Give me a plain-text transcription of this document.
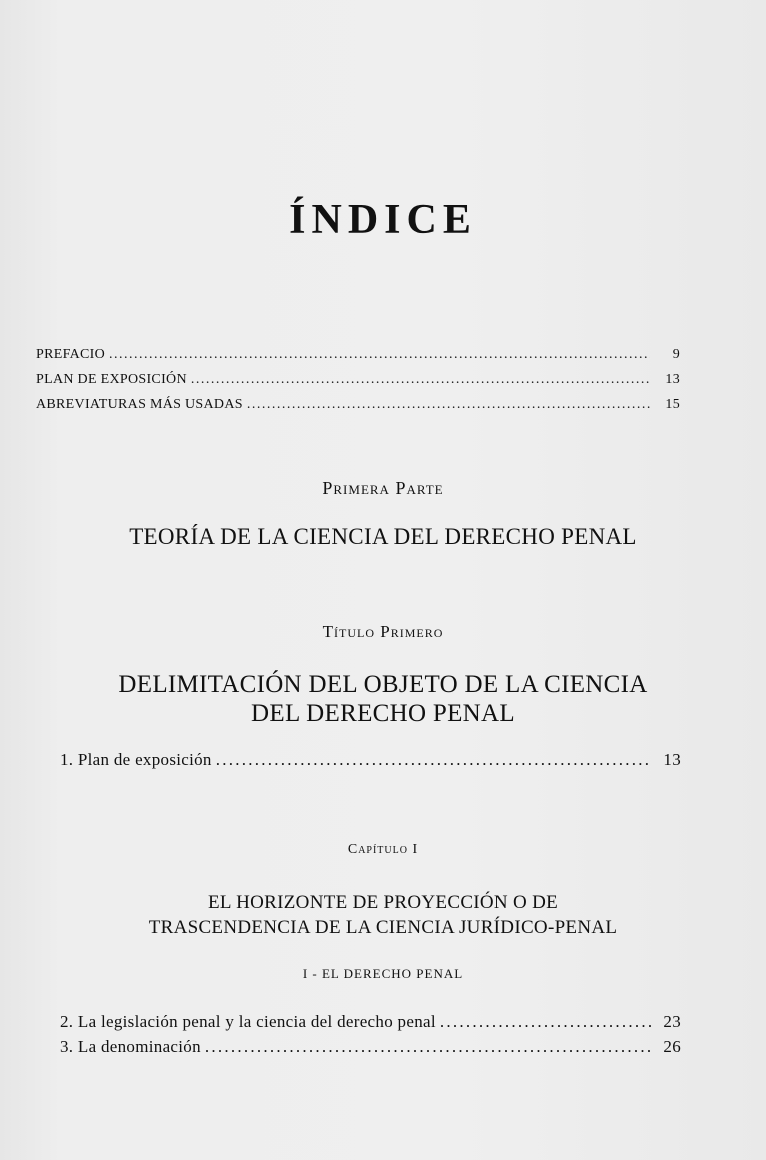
ÍNDICE
PREFACIO . . .	9
PLAN DE EXPOSICIÓN . . .	13
ABREVIATURAS MÁS USADAS . . .	15
Primera Parte
TEORÍA DE LA CIENCIA DEL DERECHO PENAL
Título Primero
DELIMITACIÓN DEL OBJETO DE LA CIENCIA
DEL DERECHO PENAL
1. Plan de exposición . . .	13
Capítulo I
EL HORIZONTE DE PROYECCIÓN O DE
TRASCENDENCIA DE LA CIENCIA JURÍDICO-PENAL
I - EL DERECHO PENAL
2. La legislación penal y la ciencia del derecho penal . . .	23
3. La denominación . . .	26
